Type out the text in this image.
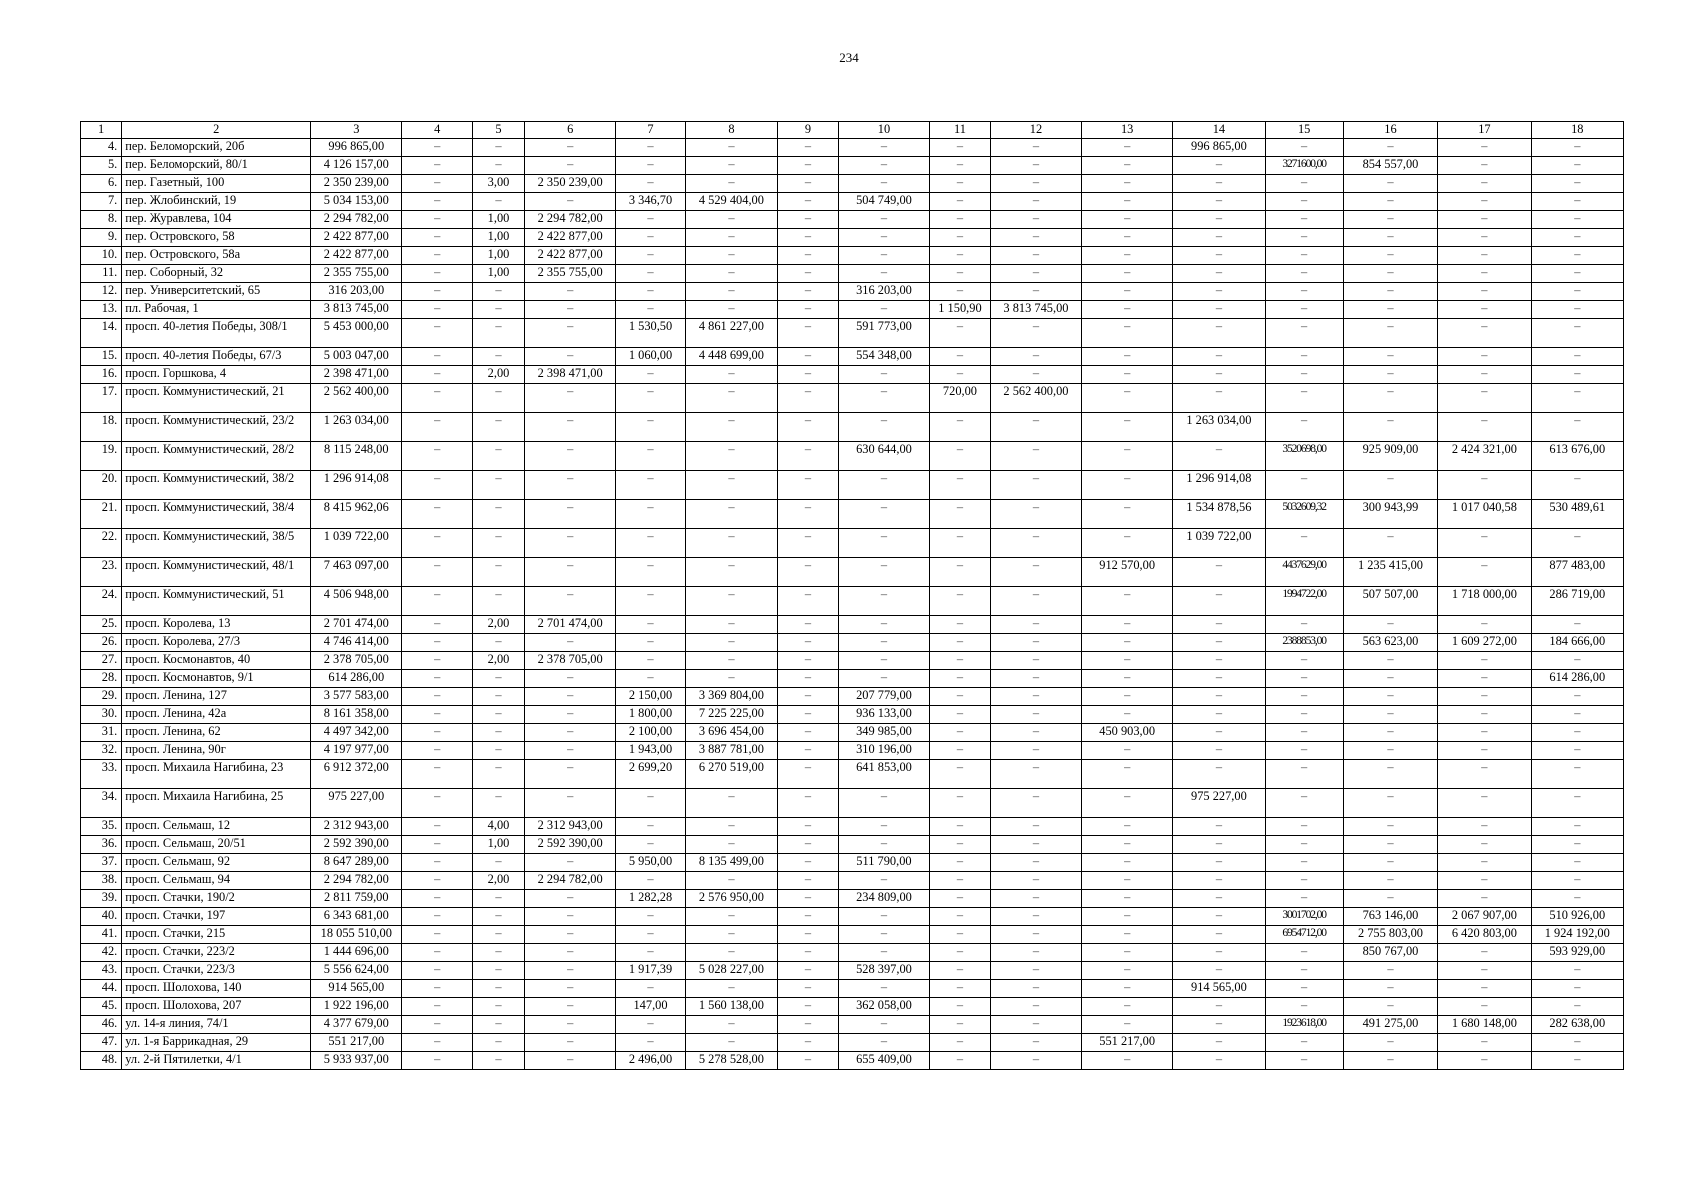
234
1	2	3	4	5	6	7	8	9	10	11	12	13	14	15	16	17	18
4.	пер. Беломорский, 20б	996 865,00	–	–	–	–	–	–	–	–	–	–	996 865,00	–	–	–	–
5.	пер. Беломорский, 80/1	4 126 157,00	–	–	–	–	–	–	–	–	–	–	–	3271600,00	854 557,00	–	–
6.	пер. Газетный, 100	2 350 239,00	–	3,00	2 350 239,00	–	–	–	–	–	–	–	–	–	–	–	–
7.	пер. Жлобинский, 19	5 034 153,00	–	–	–	3 346,70	4 529 404,00	–	504 749,00	–	–	–	–	–	–	–	–
8.	пер. Журавлева, 104	2 294 782,00	–	1,00	2 294 782,00	–	–	–	–	–	–	–	–	–	–	–	–
9.	пер. Островского, 58	2 422 877,00	–	1,00	2 422 877,00	–	–	–	–	–	–	–	–	–	–	–	–
10.	пер. Островского, 58а	2 422 877,00	–	1,00	2 422 877,00	–	–	–	–	–	–	–	–	–	–	–	–
11.	пер. Соборный, 32	2 355 755,00	–	1,00	2 355 755,00	–	–	–	–	–	–	–	–	–	–	–	–
12.	пер. Университетский, 65	316 203,00	–	–	–	–	–	–	316 203,00	–	–	–	–	–	–	–	–
13.	пл. Рабочая, 1	3 813 745,00	–	–	–	–	–	–	–	1 150,90	3 813 745,00	–	–	–	–	–	–
14.	просп. 40-летия Победы, 308/1	5 453 000,00	–	–	–	1 530,50	4 861 227,00	–	591 773,00	–	–	–	–	–	–	–	–
15.	просп. 40-летия Победы, 67/3	5 003 047,00	–	–	–	1 060,00	4 448 699,00	–	554 348,00	–	–	–	–	–	–	–	–
16.	просп. Горшкова, 4	2 398 471,00	–	2,00	2 398 471,00	–	–	–	–	–	–	–	–	–	–	–	–
17.	просп. Коммунистический, 21	2 562 400,00	–	–	–	–	–	–	–	720,00	2 562 400,00	–	–	–	–	–	–
18.	просп. Коммунистический, 23/2	1 263 034,00	–	–	–	–	–	–	–	–	–	–	1 263 034,00	–	–	–	–
19.	просп. Коммунистический, 28/2	8 115 248,00	–	–	–	–	–	–	630 644,00	–	–	–	–	3520698,00	925 909,00	2 424 321,00	613 676,00
20.	просп. Коммунистический, 38/2	1 296 914,08	–	–	–	–	–	–	–	–	–	–	1 296 914,08	–	–	–	–
21.	просп. Коммунистический, 38/4	8 415 962,06	–	–	–	–	–	–	–	–	–	–	1 534 878,56	5032609,32	300 943,99	1 017 040,58	530 489,61
22.	просп. Коммунистический, 38/5	1 039 722,00	–	–	–	–	–	–	–	–	–	–	1 039 722,00	–	–	–	–
23.	просп. Коммунистический, 48/1	7 463 097,00	–	–	–	–	–	–	–	–	–	912 570,00	–	4437629,00	1 235 415,00	–	877 483,00
24.	просп. Коммунистический, 51	4 506 948,00	–	–	–	–	–	–	–	–	–	–	–	1994722,00	507 507,00	1 718 000,00	286 719,00
25.	просп. Королева, 13	2 701 474,00	–	2,00	2 701 474,00	–	–	–	–	–	–	–	–	–	–	–	–
26.	просп. Королева, 27/3	4 746 414,00	–	–	–	–	–	–	–	–	–	–	–	2388853,00	563 623,00	1 609 272,00	184 666,00
27.	просп. Космонавтов, 40	2 378 705,00	–	2,00	2 378 705,00	–	–	–	–	–	–	–	–	–	–	–	–
28.	просп. Космонавтов, 9/1	614 286,00	–	–	–	–	–	–	–	–	–	–	–	–	–	–	614 286,00
29.	просп. Ленина, 127	3 577 583,00	–	–	–	2 150,00	3 369 804,00	–	207 779,00	–	–	–	–	–	–	–	–
30.	просп. Ленина, 42а	8 161 358,00	–	–	–	1 800,00	7 225 225,00	–	936 133,00	–	–	–	–	–	–	–	–
31.	просп. Ленина, 62	4 497 342,00	–	–	–	2 100,00	3 696 454,00	–	349 985,00	–	–	450 903,00	–	–	–	–	–
32.	просп. Ленина, 90г	4 197 977,00	–	–	–	1 943,00	3 887 781,00	–	310 196,00	–	–	–	–	–	–	–	–
33.	просп. Михаила Нагибина, 23	6 912 372,00	–	–	–	2 699,20	6 270 519,00	–	641 853,00	–	–	–	–	–	–	–	–
34.	просп. Михаила Нагибина, 25	975 227,00	–	–	–	–	–	–	–	–	–	–	975 227,00	–	–	–	–
35.	просп. Сельмаш, 12	2 312 943,00	–	4,00	2 312 943,00	–	–	–	–	–	–	–	–	–	–	–	–
36.	просп. Сельмаш, 20/51	2 592 390,00	–	1,00	2 592 390,00	–	–	–	–	–	–	–	–	–	–	–	–
37.	просп. Сельмаш, 92	8 647 289,00	–	–	–	5 950,00	8 135 499,00	–	511 790,00	–	–	–	–	–	–	–	–
38.	просп. Сельмаш, 94	2 294 782,00	–	2,00	2 294 782,00	–	–	–	–	–	–	–	–	–	–	–	–
39.	просп. Стачки, 190/2	2 811 759,00	–	–	–	1 282,28	2 576 950,00	–	234 809,00	–	–	–	–	–	–	–	–
40.	просп. Стачки, 197	6 343 681,00	–	–	–	–	–	–	–	–	–	–	–	3001702,00	763 146,00	2 067 907,00	510 926,00
41.	просп. Стачки, 215	18 055 510,00	–	–	–	–	–	–	–	–	–	–	–	6954712,00	2 755 803,00	6 420 803,00	1 924 192,00
42.	просп. Стачки, 223/2	1 444 696,00	–	–	–	–	–	–	–	–	–	–	–	–	850 767,00	–	593 929,00
43.	просп. Стачки, 223/3	5 556 624,00	–	–	–	1 917,39	5 028 227,00	–	528 397,00	–	–	–	–	–	–	–	–
44.	просп. Шолохова, 140	914 565,00	–	–	–	–	–	–	–	–	–	–	914 565,00	–	–	–	–
45.	просп. Шолохова, 207	1 922 196,00	–	–	–	147,00	1 560 138,00	–	362 058,00	–	–	–	–	–	–	–	–
46.	ул. 14-я линия, 74/1	4 377 679,00	–	–	–	–	–	–	–	–	–	–	–	1923618,00	491 275,00	1 680 148,00	282 638,00
47.	ул. 1-я Баррикадная, 29	551 217,00	–	–	–	–	–	–	–	–	–	551 217,00	–	–	–	–	–
48.	ул. 2-й Пятилетки, 4/1	5 933 937,00	–	–	–	2 496,00	5 278 528,00	–	655 409,00	–	–	–	–	–	–	–	–
